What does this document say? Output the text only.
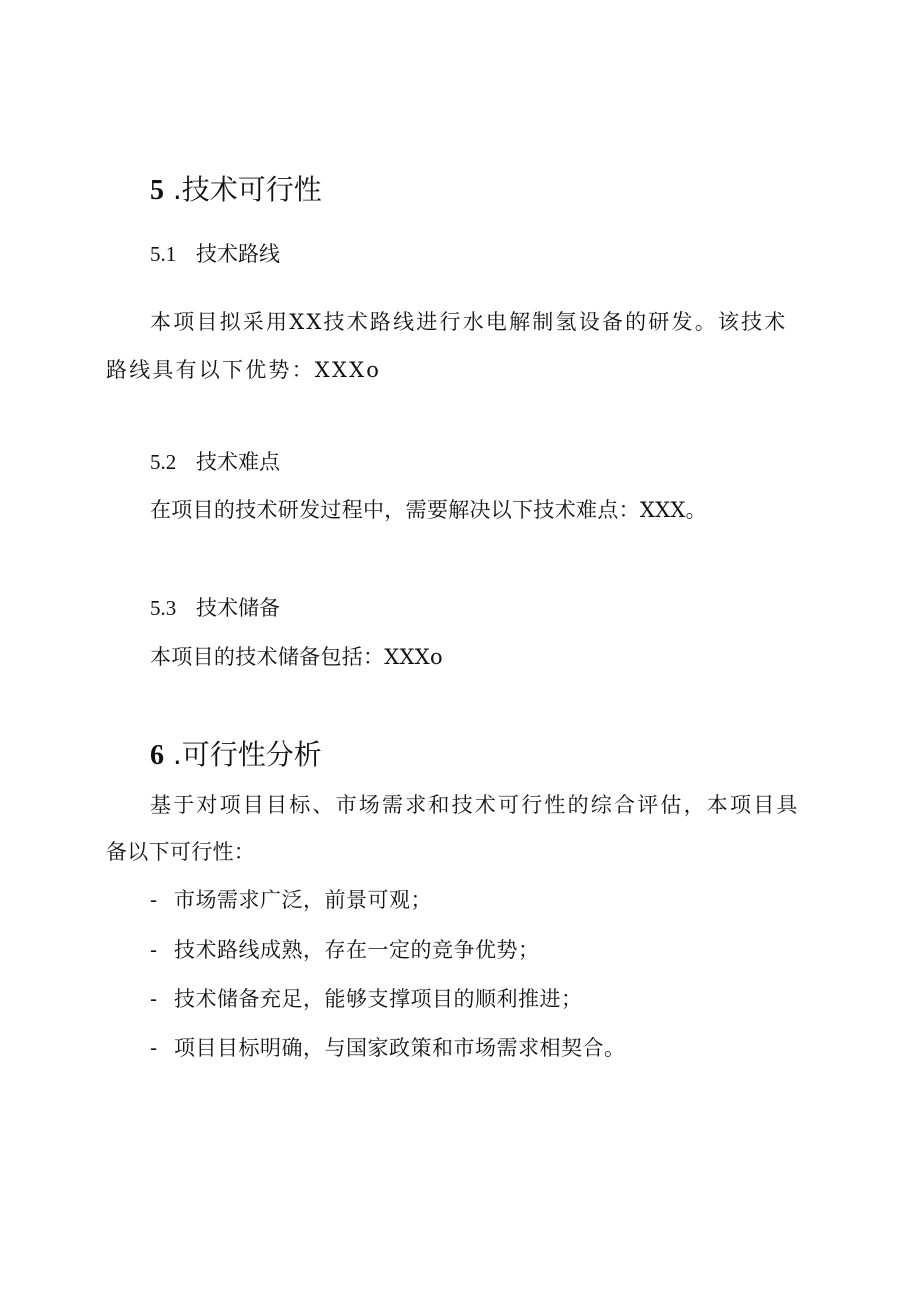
5 .技术可行性
5.1 技术路线
本项目拟采用XX技术路线进行水电解制氢设备的研发。该技术
路线具有以下优势：XXXo
5.2 技术难点
在项目的技术研发过程中，需要解决以下技术难点：XXX。
5.3 技术储备
本项目的技术储备包括：XXXo
6 .可行性分析
基于对项目目标、市场需求和技术可行性的综合评估，本项目具
备以下可行性：
- 市场需求广泛，前景可观；
- 技术路线成熟，存在一定的竞争优势；
- 技术储备充足，能够支撑项目的顺利推进；
- 项目目标明确，与国家政策和市场需求相契合。
